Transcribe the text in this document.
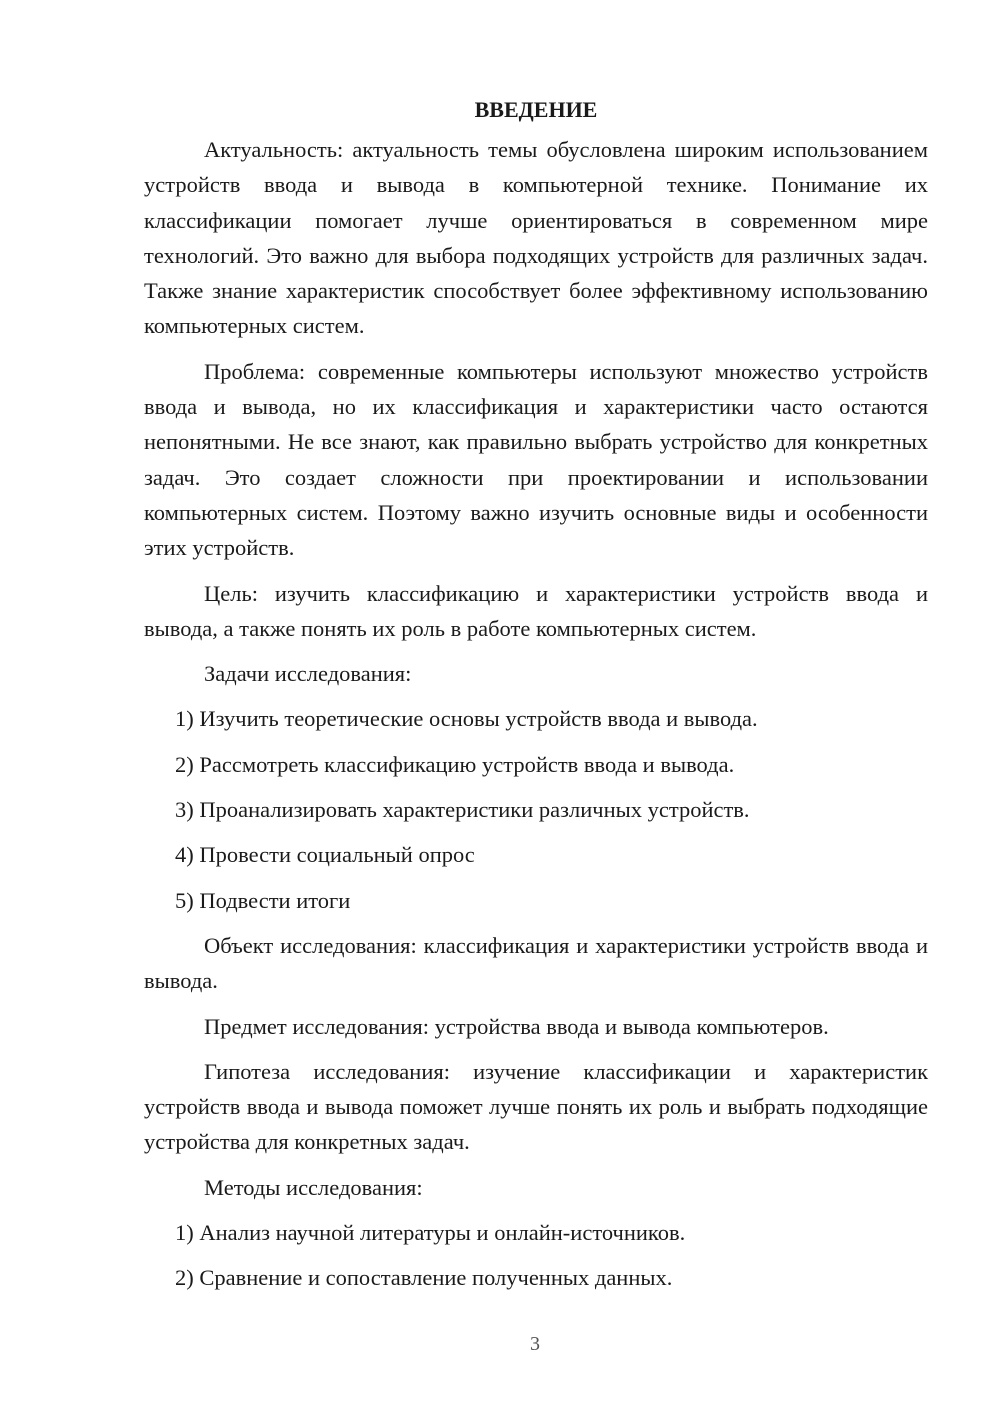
ВВЕДЕНИЕ

Актуальность: актуальность темы обусловлена широким использованием устройств ввода и вывода в компьютерной технике. Понимание их классификации помогает лучше ориентироваться в современном мире технологий. Это важно для выбора подходящих устройств для различных задач. Также знание характеристик способствует более эффективному использованию компьютерных систем.

Проблема: современные компьютеры используют множество устройств ввода и вывода, но их классификация и характеристики часто остаются непонятными. Не все знают, как правильно выбрать устройство для конкретных задач. Это создает сложности при проектировании и использовании компьютерных систем. Поэтому важно изучить основные виды и особенности этих устройств.

Цель: изучить классификацию и характеристики устройств ввода и вывода, а также понять их роль в работе компьютерных систем.

Задачи исследования:

1) Изучить теоретические основы устройств ввода и вывода.
2) Рассмотреть классификацию устройств ввода и вывода.
3) Проанализировать характеристики различных устройств.
4) Провести социальный опрос
5) Подвести итоги

Объект исследования: классификация и характеристики устройств ввода и вывода.

Предмет исследования: устройства ввода и вывода компьютеров.

Гипотеза исследования: изучение классификации и характеристик устройств ввода и вывода поможет лучше понять их роль и выбрать подходящие устройства для конкретных задач.

Методы исследования:

1) Анализ научной литературы и онлайн-источников.
2) Сравнение и сопоставление полученных данных.
3
